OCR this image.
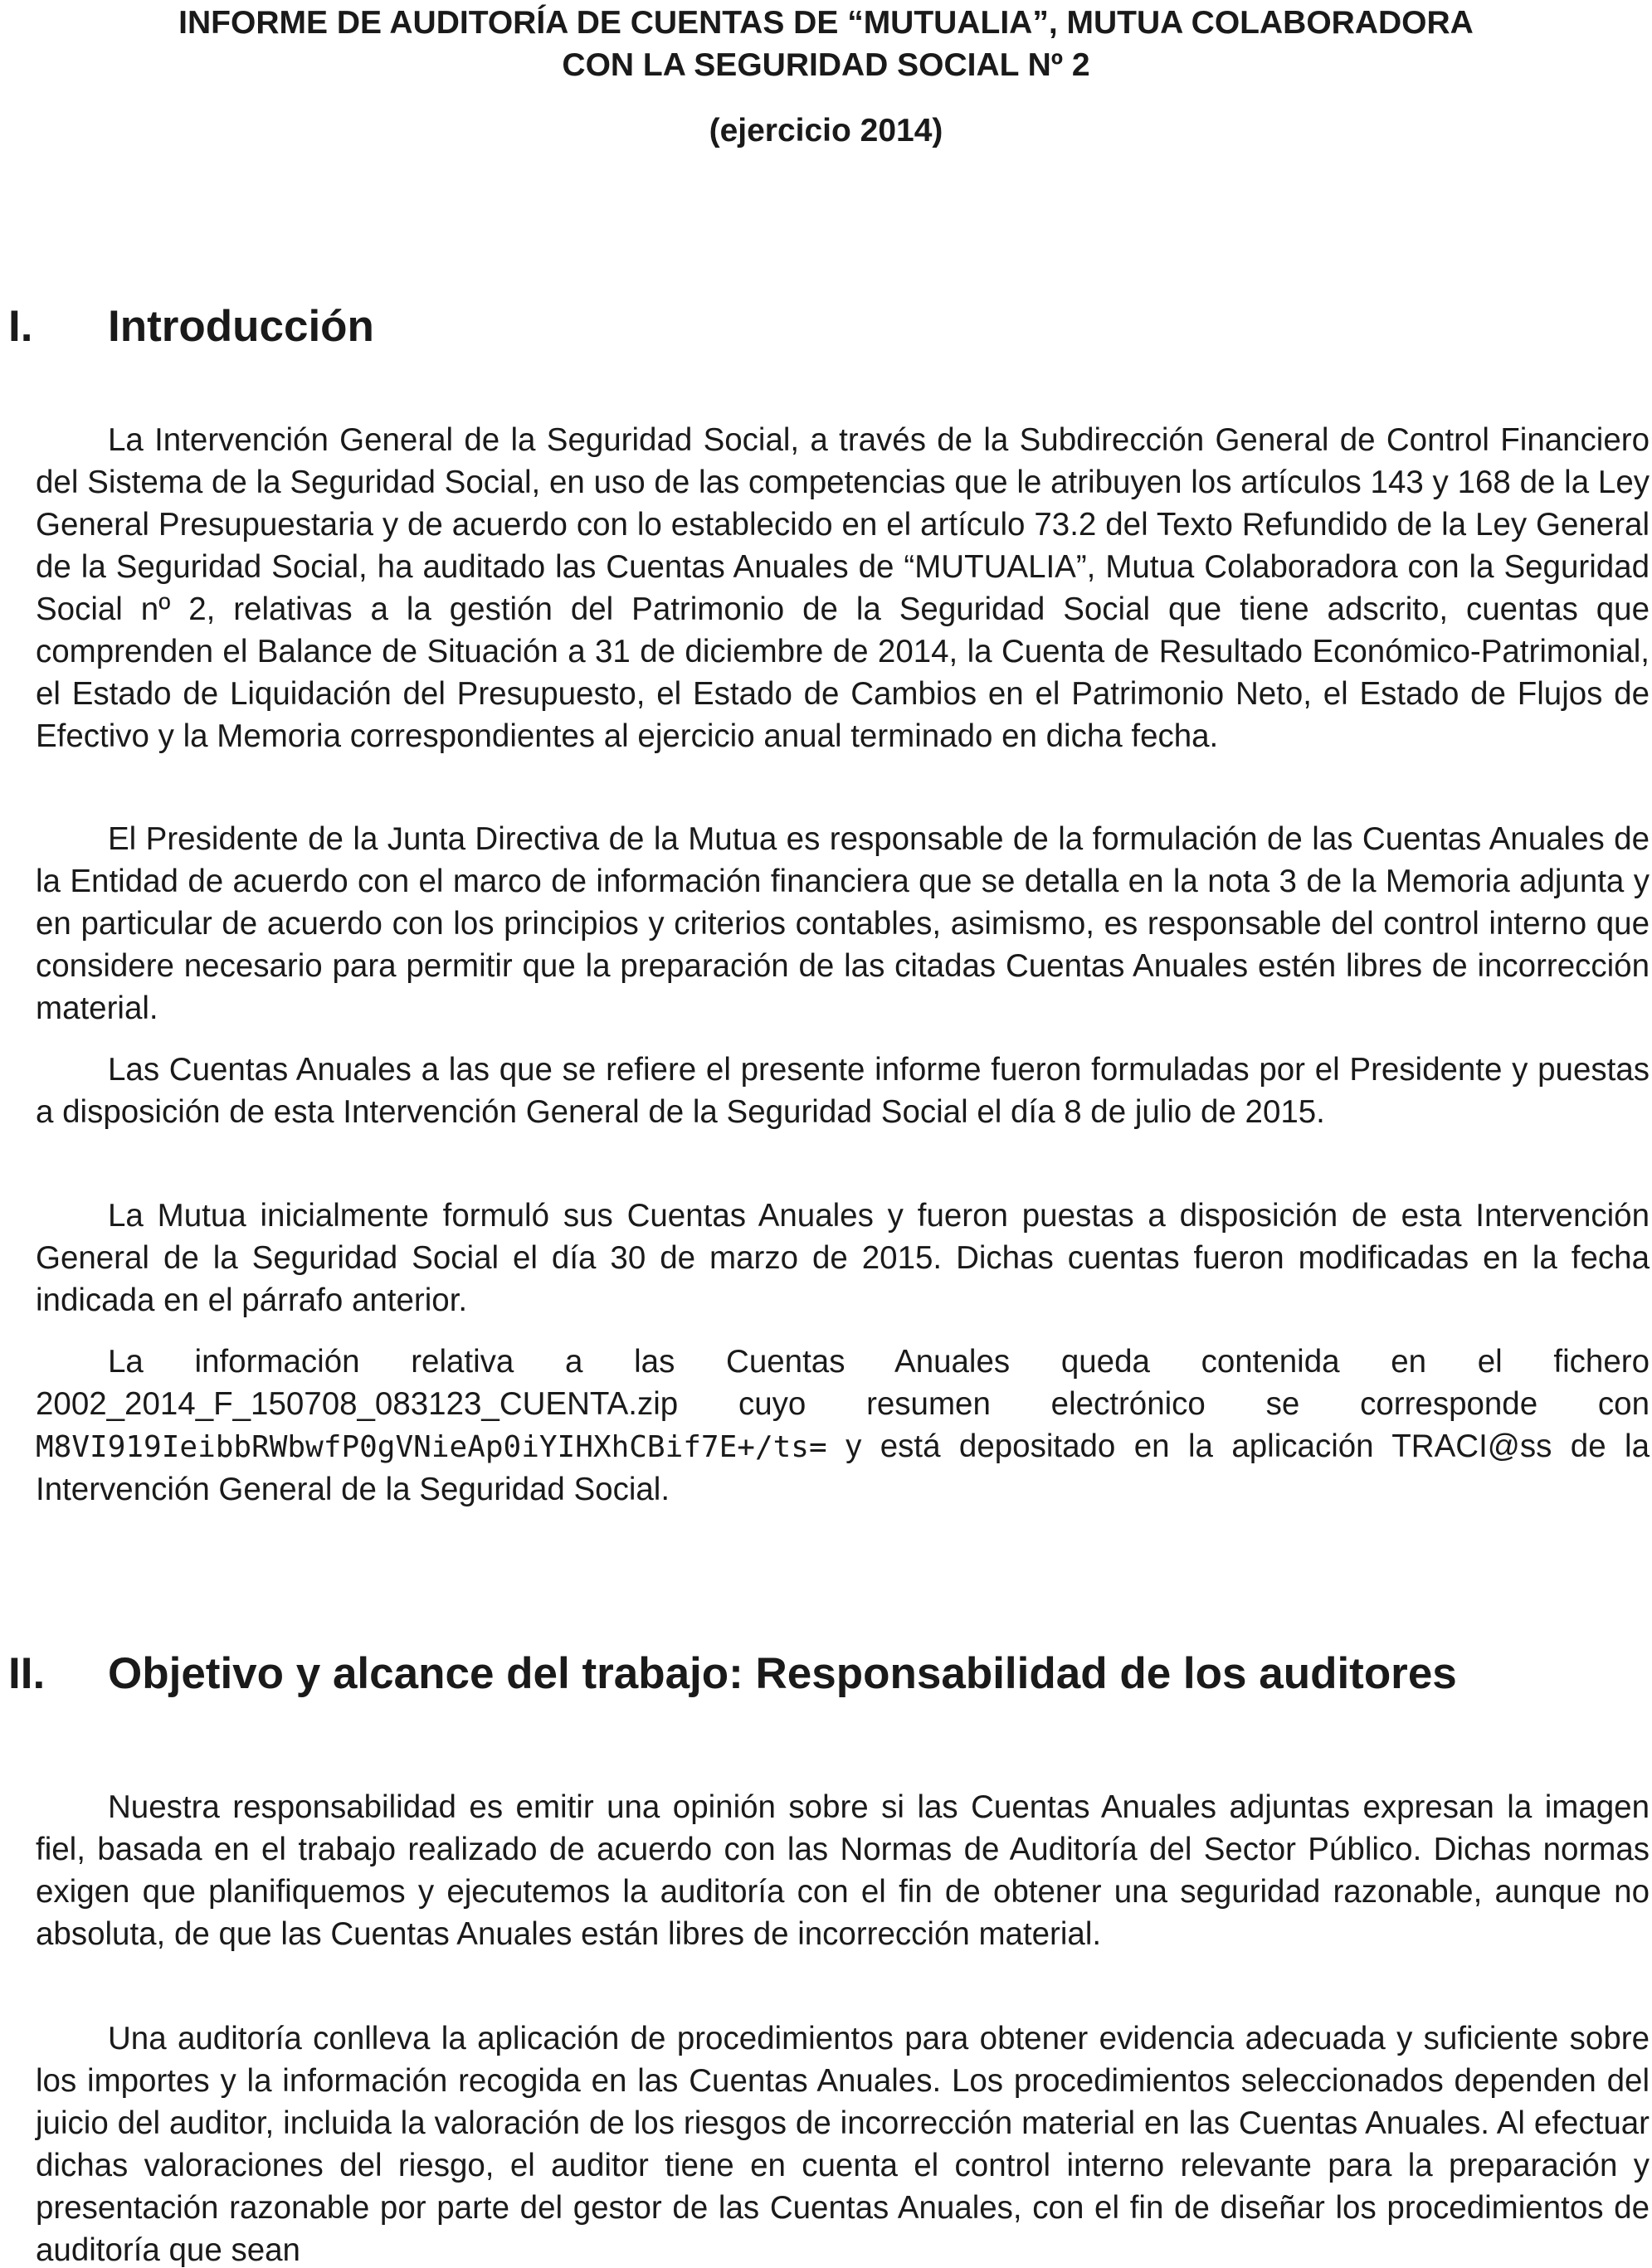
INFORME DE AUDITORÍA DE CUENTAS DE “MUTUALIA”, MUTUA COLABORADORA
CON LA SEGURIDAD SOCIAL Nº 2
(ejercicio 2014)
I. Introducción

La Intervención General de la Seguridad Social, a través de la Subdirección General de Control Financiero del Sistema de la Seguridad Social, en uso de las competencias que le atribuyen los artículos 143 y 168 de la Ley General Presupuestaria y de acuerdo con lo establecido en el artículo 73.2 del Texto Refundido de la Ley General de la Seguridad Social, ha auditado las Cuentas Anuales de “MUTUALIA”, Mutua Colaboradora con la Seguridad Social nº 2, relativas a la gestión del Patrimonio de la Seguridad Social que tiene adscrito, cuentas que comprenden el Balance de Situación a 31 de diciembre de 2014, la Cuenta de Resultado Económico-Patrimonial, el Estado de Liquidación del Presupuesto, el Estado de Cambios en el Patrimonio Neto, el Estado de Flujos de Efectivo y la Memoria correspondientes al ejercicio anual terminado en dicha fecha.

El Presidente de la Junta Directiva de la Mutua es responsable de la formulación de las Cuentas Anuales de la Entidad de acuerdo con el marco de información financiera que se detalla en la nota 3 de la Memoria adjunta y en particular de acuerdo con los principios y criterios contables, asimismo, es responsable del control interno que considere necesario para permitir que la preparación de las citadas Cuentas Anuales estén libres de incorrección material.

Las Cuentas Anuales a las que se refiere el presente informe fueron formuladas por el Presidente y puestas a disposición de esta Intervención General de la Seguridad Social el día 8 de julio de 2015.

La Mutua inicialmente formuló sus Cuentas Anuales y fueron puestas a disposición de esta Intervención General de la Seguridad Social el día 30 de marzo de 2015. Dichas cuentas fueron modificadas en la fecha indicada en el párrafo anterior.

La información relativa a las Cuentas Anuales queda contenida en el fichero 2002_2014_F_150708_083123_CUENTA.zip cuyo resumen electrónico se corresponde con M8VI919IeibbRWbwfP0gVNieAp0iYIHXhCBif7E+/ts= y está depositado en la aplicación TRACI@ss de la Intervención General de la Seguridad Social.

II. Objetivo y alcance del trabajo: Responsabilidad de los auditores

Nuestra responsabilidad es emitir una opinión sobre si las Cuentas Anuales adjuntas expresan la imagen fiel, basada en el trabajo realizado de acuerdo con las Normas de Auditoría del Sector Público. Dichas normas exigen que planifiquemos y ejecutemos la auditoría con el fin de obtener una seguridad razonable, aunque no absoluta, de que las Cuentas Anuales están libres de incorrección material.

Una auditoría conlleva la aplicación de procedimientos para obtener evidencia adecuada y suficiente sobre los importes y la información recogida en las Cuentas Anuales. Los procedimientos seleccionados dependen del juicio del auditor, incluida la valoración de los riesgos de incorrección material en las Cuentas Anuales. Al efectuar dichas valoraciones del riesgo, el auditor tiene en cuenta el control interno relevante para la preparación y presentación razonable por parte del gestor de las Cuentas Anuales, con el fin de diseñar los procedimientos de auditoría que sean
